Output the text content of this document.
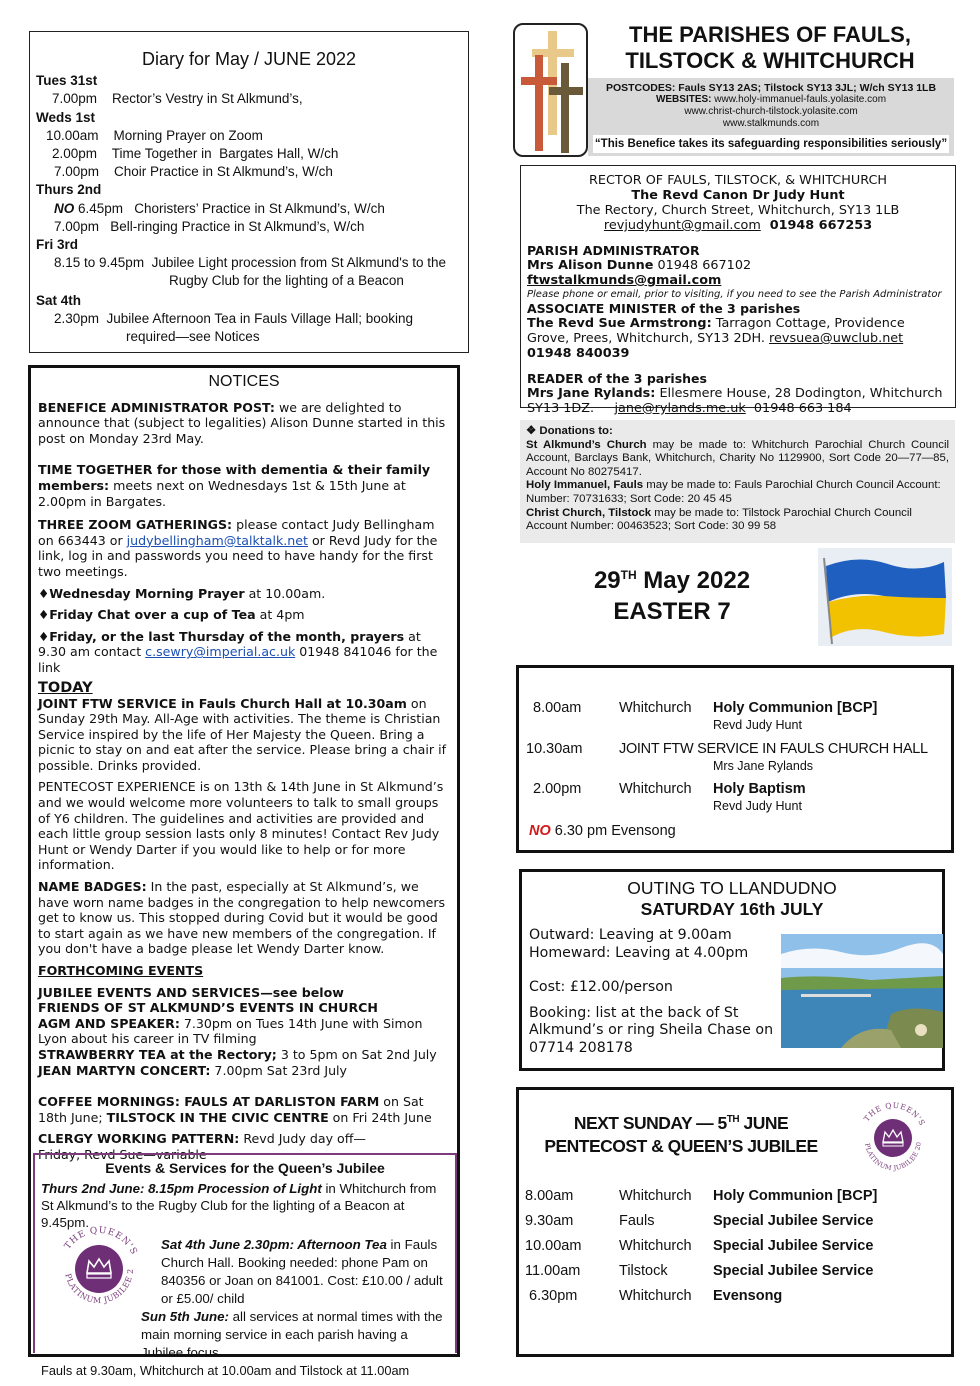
Diary for May / JUNE 2022
Tues 31st
7.00pm    Rector’s Vestry in St Alkmund’s,
Weds 1st
10.00am    Morning Prayer on Zoom
2.00pm    Time Together in  Bargates Hall, W/ch
7.00pm    Choir Practice in St Alkmund’s, W/ch
Thurs 2nd
NO 6.45pm   Choristers’ Practice in St Alkmund’s, W/ch
7.00pm   Bell-ringing Practice in St Alkmund’s, W/ch
Fri 3rd
8.15 to 9.45pm  Jubilee Light procession from St Alkmund's to the
Rugby Club for the lighting of a Beacon
Sat 4th
2.30pm  Jubilee Afternoon Tea in Fauls Village Hall; booking
required—see Notices
NOTICES

BENEFICE ADMINISTRATOR POST: we are delighted to announce that (subject to legalities) Alison Dunne started in this post on Monday 23rd May.

TIME TOGETHER for those with dementia & their family members: meets next on Wednesdays 1st & 15th June at 2.00pm in Bargates.

THREE ZOOM GATHERINGS: please contact Judy Bellingham on 663443 or judybellingham@talktalk.net or Revd Judy for the link, log in and passwords you need to have handy for the first two meetings.

♦Wednesday Morning Prayer at 10.00am.

♦Friday Chat over a cup of Tea at 4pm

♦Friday, or the last Thursday of the month, prayers at 9.30 am contact c.sewry@imperial.ac.uk 01948 841046 for the link

TODAY

JOINT FTW SERVICE in Fauls Church Hall at 10.30am on Sunday 29th May. All-Age with activities. The theme is Christian Service inspired by the life of Her Majesty the Queen. Bring a picnic to stay on and eat after the service. Please bring a chair if possible. Drinks provided.

PENTECOST EXPERIENCE is on 13th & 14th June in St Alkmund’s and we would welcome more volunteers to talk to small groups of Y6 children. The guidelines and activities are provided and each little group session lasts only 8 minutes! Contact Rev Judy Hunt or Wendy Darter if you would like to help or for more information.

NAME BADGES: In the past, especially at St Alkmund’s, we have worn name badges in the congregation to help newcomers get to know us. This stopped during Covid but it would be good to start again as we have new members of the congregation. If you don't have a badge please let Wendy Darter know.

FORTHCOMING EVENTS

JUBILEE EVENTS AND SERVICES—see below

FRIENDS OF ST ALKMUND’S EVENTS IN CHURCH

AGM AND SPEAKER: 7.30pm on Tues 14th June with Simon Lyon about his career in TV filming

STRAWBERRY TEA at the Rectory; 3 to 5pm on Sat 2nd July

JEAN MARTYN CONCERT: 7.00pm Sat 23rd July

COFFEE MORNINGS: FAULS AT DARLISTON FARM on Sat 18th June; TILSTOCK IN THE CIVIC CENTRE on Fri 24th June

CLERGY WORKING PATTERN: Revd Judy day off—Friday, Revd Sue—variable

Events & Services for the Queen’s Jubilee

Thurs 2nd June: 8.15pm Procession of Light in Whitchurch from St Alkmund’s to the Rugby Club for the lighting of a Beacon at 9.45pm.

THE QUEEN'S
PLATINUM JUBILEE 2
Sat 4th June 2.30pm: Afternoon Tea in Fauls Church Hall. Booking needed: phone Pam on 840356 or Joan on 841001. Cost: £10.00 / adult or £5.00/ child
Sun 5th June: all services at normal times with the main morning service in each parish having a Jubilee focus.
Fauls at 9.30am, Whitchurch at 10.00am and Tilstock at 11.00am
THE PARISHES OF FAULS,
TILSTOCK & WHITCHURCH
POSTCODES: Fauls SY13 2AS; Tilstock SY13 3JL; W/ch SY13 1LB
WEBSITES: www.holy-immanuel-fauls.yolasite.com
www.christ-church-tilstock.yolasite.com
www.stalkmunds.com
“This Benefice takes its safeguarding responsibilities seriously”
RECTOR OF FAULS, TILSTOCK, & WHITCHURCH
The Revd Canon Dr Judy Hunt
The Rectory, Church Street, Whitchurch, SY13 1LB
revjudyhunt@gmail.com  01948 667253
PARISH ADMINISTRATOR
Mrs Alison Dunne 01948 667102 ftwstalkmunds@gmail.com
Please phone or email, prior to visiting, if you need to see the Parish Administrator
ASSOCIATE MINISTER of the 3 parishes
The Revd Sue Armstrong: Tarragon Cottage, Providence Grove, Prees, Whitchurch, SY13 2DH. revsuea@uwclub.net 01948 840039
READER of the 3 parishes
Mrs Jane Rylands: Ellesmere House, 28 Dodington, Whitchurch SY13 1DZ.     jane@rylands.me.uk  01948 663 184
❖ Donations to:
St Alkmund’s Church may be made to: Whitchurch Parochial Church Council Account, Barclays Bank, Whitchurch, Charity No 1129900, Sort Code 20—77—85, Account No 80275417.
Holy Immanuel, Fauls may be made to: Fauls Parochial Church Council Account: Number: 70731633; Sort Code: 20 45 45
Christ Church, Tilstock may be made to: Tilstock Parochial Church Council Account Number: 00463523; Sort Code: 30 99 58
29TH May 2022
EASTER 7
8.00am	Whitchurch Holy Communion [BCP]
Revd Judy Hunt
10.30am	JOINT FTW SERVICE IN FAULS CHURCH HALL
Mrs Jane Rylands
2.00pm	Whitchurch Holy Baptism
Revd Judy Hunt
NO 6.30 pm Evensong
OUTING TO LLANDUDNO
SATURDAY 16th JULY
Outward: Leaving at 9.00am
Homeward: Leaving at 4.00pm
Cost: £12.00/person
Booking: list at the back of St Alkmund’s or ring Sheila Chase on 07714 208178
NEXT SUNDAY — 5TH JUNE
PENTECOST & QUEEN’S JUBILEE
THE QUEEN'S
PLATINUM JUBILEE 20
8.00am	Whitchurch Holy Communion [BCP]
9.30am	Fauls	Special Jubilee Service
10.00am	Whitchurch Special Jubilee Service
11.00am	Tilstock	Special Jubilee Service
6.30pm	Whitchurch Evensong
